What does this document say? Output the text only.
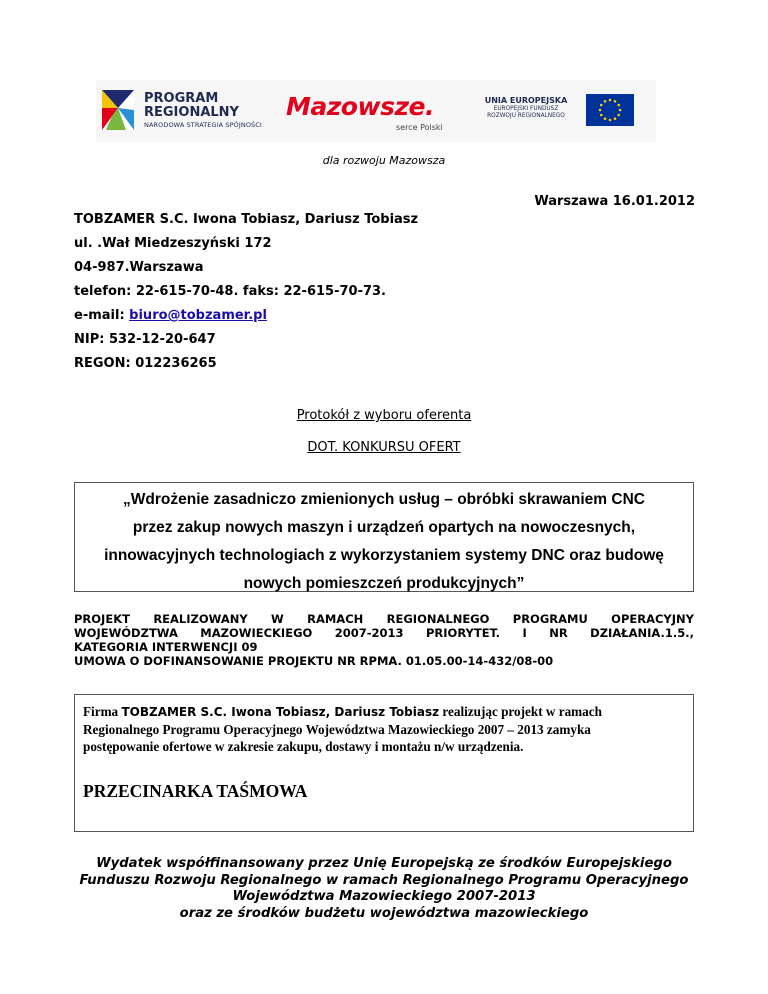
PROGRAM
REGIONALNY
NARODOWA STRATEGIA SPÓJNOŚCI
Mazowsze.
serce Polski
UNIA EUROPEJSKA
EUROPEJSKI FUNDUSZ
ROZWOJU REGIONALNEGO
dla rozwoju Mazowsza
Warszawa 16.01.2012
TOBZAMER S.C. Iwona Tobiasz, Dariusz Tobiasz
ul. .Wał Miedzeszyński 172
04-987.Warszawa
telefon: 22-615-70-48. faks: 22-615-70-73.
e-mail: biuro@tobzamer.pl
NIP: 532-12-20-647
REGON: 012236265
Protokół z wyboru oferenta
DOT. KONKURSU OFERT
„Wdrożenie zasadniczo zmienionych usług – obróbki skrawaniem CNC
przez zakup nowych maszyn i urządzeń opartych na nowoczesnych,
innowacyjnych technologiach z wykorzystaniem systemy DNC oraz budowę
nowych pomieszczeń produkcyjnych”

PROJEKT REALIZOWANY W RAMACH REGIONALNEGO PROGRAMU OPERACYJNY

WOJEWÓDZTWA MAZOWIECKIEGO 2007-2013 PRIORYTET. I NR DZIAŁANIA.1.5.,

KATEGORIA INTERWENCJI 09

UMOWA O DOFINANSOWANIE PROJEKTU NR RPMA. 01.05.00-14-432/08-00

Firma TOBZAMER S.C. Iwona Tobiasz, Dariusz Tobiasz realizując projekt w ramach
Regionalnego Programu Operacyjnego Województwa Mazowieckiego 2007 – 2013 zamyka
postępowanie ofertowe w zakresie zakupu, dostawy i montażu n/w urządzenia.
PRZECINARKA TAŚMOWA
Wydatek współfinansowany przez Unię Europejską ze środków Europejskiego
Funduszu Rozwoju Regionalnego w ramach Regionalnego Programu Operacyjnego
Województwa Mazowieckiego 2007-2013
oraz ze środków budżetu województwa mazowieckiego
